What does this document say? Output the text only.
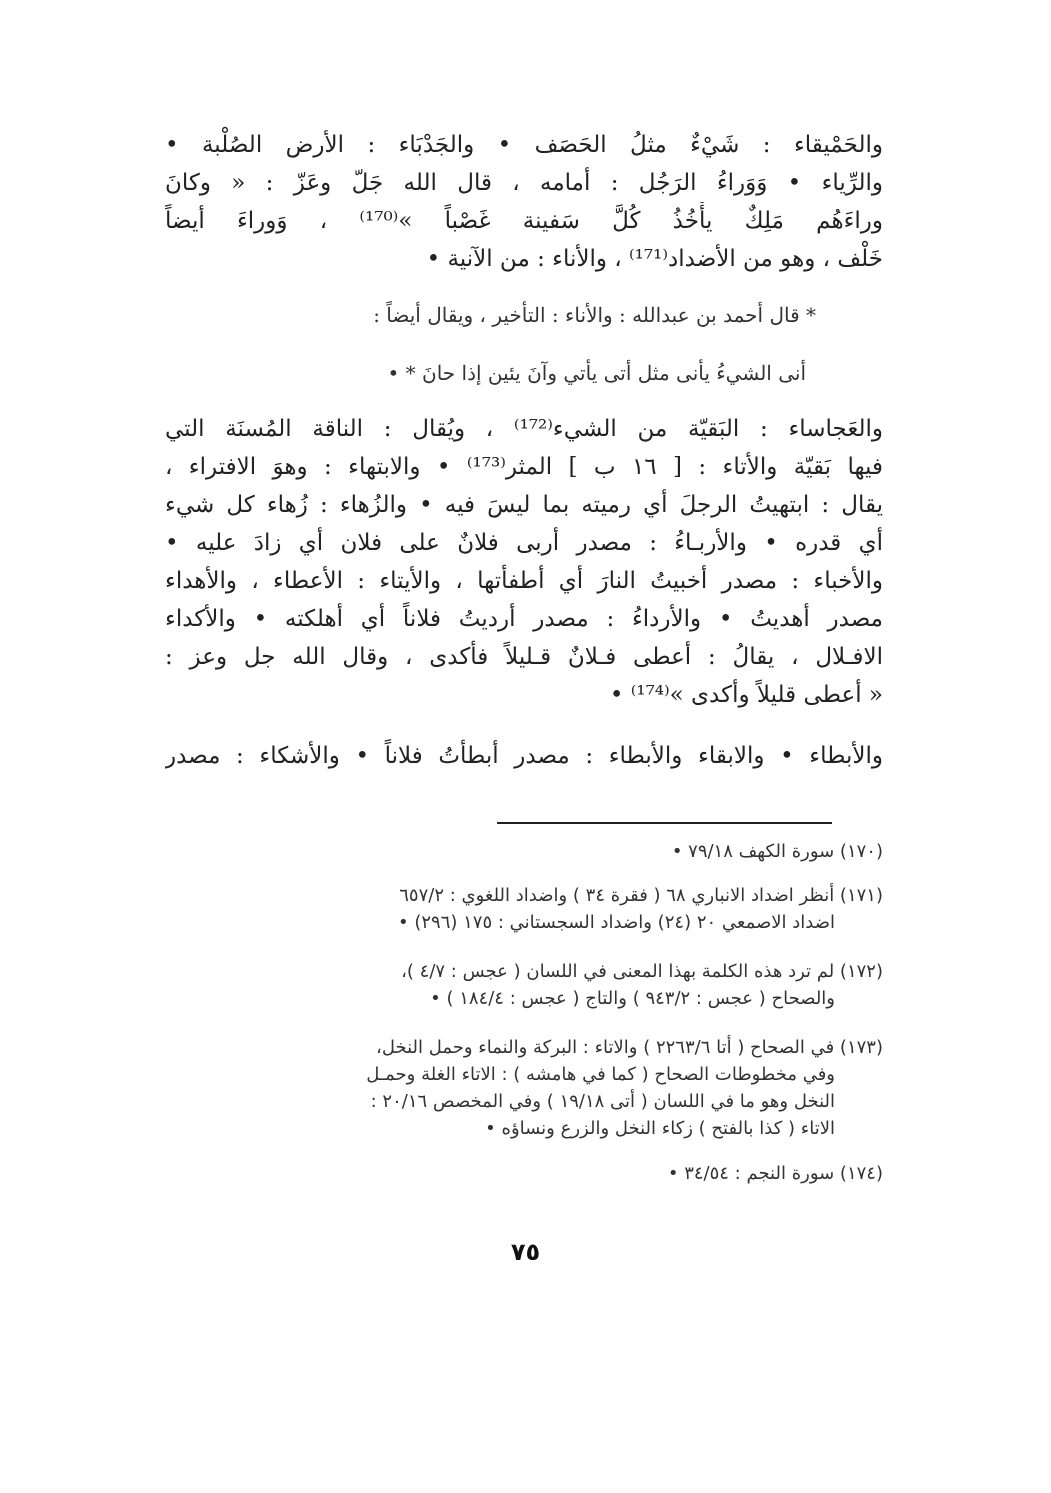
والحَمْيقاء : شَيْءٌ مثلُ الحَصَف • والجَدْبَاء : الأرض الصُلْبة •
والرِّياء • وَوَراءُ الرَجُل : أمامه ، قال الله جَلّ وعَزّ : « وكانَ
وراءَهُم مَلِكٌ يأْخُذُ كُلَّ سَفينة غَصْباً »⁽¹⁷⁰⁾ ، وَوراءَ أيضاً
خَلْف ، وهو من الأضداد⁽¹⁷¹⁾ ، والأناء : من الآنية •
* قال أحمد بن عبدالله : والأناء : التأخير ، ويقال أيضاً :
أنى الشيءُ يأنى مثل أتى يأتي وآنَ يئين إذا حانَ * •
والعَجاساء : البَقيّة من الشيء⁽¹⁷²⁾ ، ويُقال : الناقة المُسنَة التي
فيها بَقيّة والأتاء : [ ١٦ ب ] المثر⁽¹⁷³⁾ • والابتهاء : وهوَ الافتراء ،
يقال : ابتهيتُ الرجلَ أي رميته بما ليسَ فيه • والزُهاء : زُهاء كل شيء
أي قدره • والأربـاءُ : مصدر أربى فلانٌ على فلان أي زادَ عليه •
والأخباء : مصدر أخبيتُ النارَ أي أطفأتها ، والأيتاء : الأعطاء ، والأهداء
مصدر أهديتُ • والأرداءُ : مصدر أرديتُ فلاناً أي أهلكته • والأكداء
الافـلال ، يقالُ : أعطى فـلانٌ قـليلاً فأكدى ، وقال الله جل وعز :
« أعطى قليلاً وأكدى »⁽¹⁷⁴⁾ •
والأبطاء • والابقاء والأبطاء : مصدر أبطأتُ فلاناً • والأشكاء : مصدر
(١٧٠) سورة الكهف ٧٩/١٨ •
(١٧١) أنظر اضداد الانباري ٦٨ ( فقرة ٣٤ ) واضداد اللغوي : ٦٥٧/٢
اضداد الاصمعي ٢٠ (٢٤) واضداد السجستاني : ١٧٥ (٢٩٦) •
(١٧٢) لم ترد هذه الكلمة بهذا المعنى في اللسان ( عجس : ٤/٧ )،
والصحاح ( عجس : ٩٤٣/٢ ) والتاج ( عجس : ١٨٤/٤ ) •
(١٧٣) في الصحاح ( أتا ٢٢٦٣/٦ ) والاتاء : البركة والنماء وحمل النخل،
وفي مخطوطات الصحاح ( كما في هامشه ) : الاتاء الغلة وحمـل
النخل وهو ما في اللسان ( أتى ١٩/١٨ ) وفي المخصص ٢٠/١٦ :
الاتاء ( كذا بالفتح ) زكاء النخل والزرع ونساؤه •
(١٧٤) سورة النجم : ٣٤/٥٤ •
٧٥
